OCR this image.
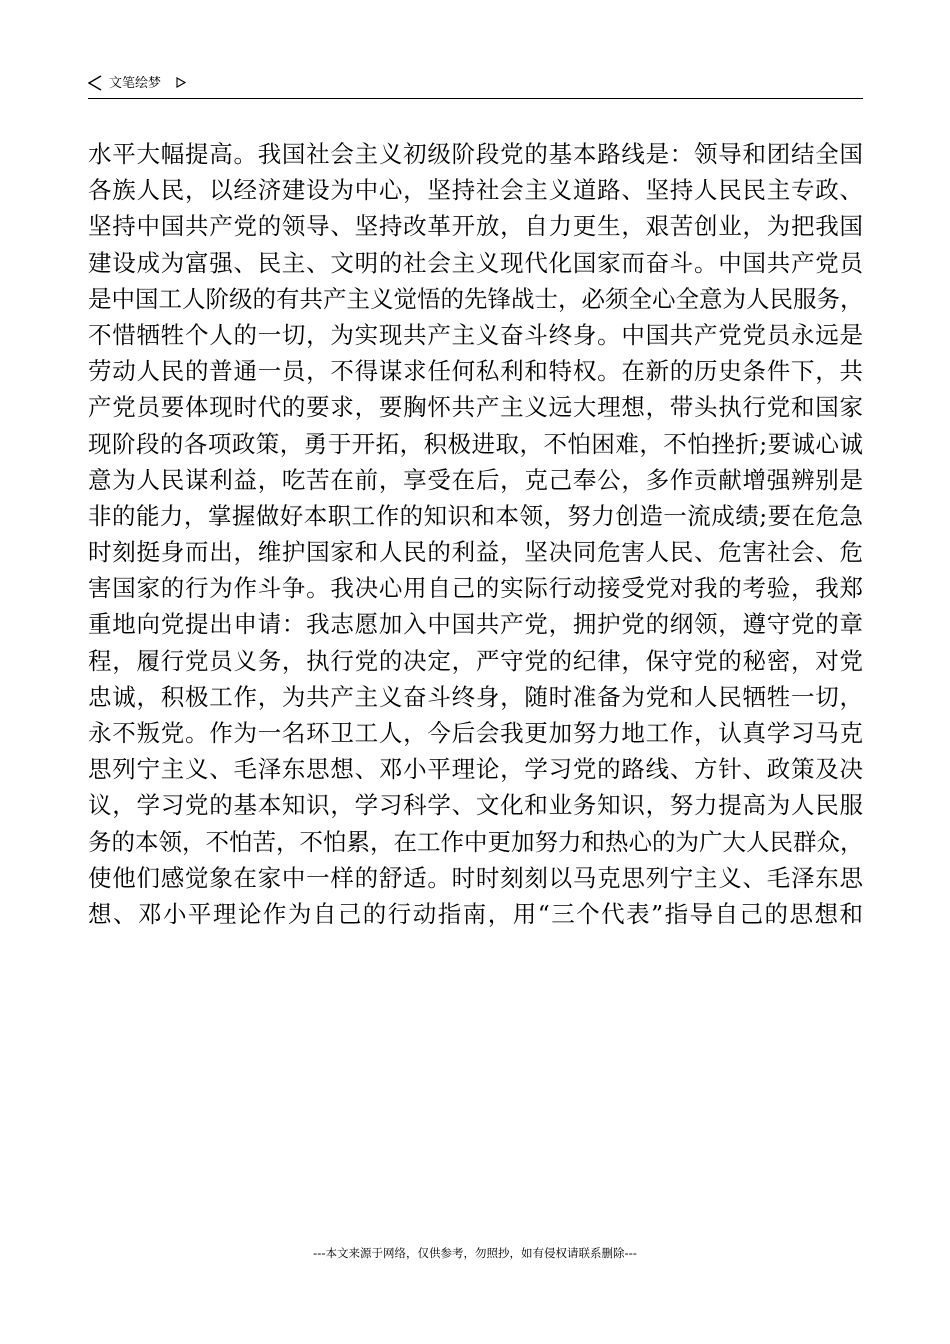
文笔绘梦
水平大幅提高。我国社会主义初级阶段党的基本路线是：领导和团结全国
各族人民，以经济建设为中心，坚持社会主义道路、坚持人民民主专政、
坚持中国共产党的领导、坚持改革开放，自力更生，艰苦创业，为把我国
建设成为富强、民主、文明的社会主义现代化国家而奋斗。中国共产党员
是中国工人阶级的有共产主义觉悟的先锋战士，必须全心全意为人民服务，
不惜牺牲个人的一切，为实现共产主义奋斗终身。中国共产党党员永远是
劳动人民的普通一员，不得谋求任何私利和特权。在新的历史条件下，共
产党员要体现时代的要求，要胸怀共产主义远大理想，带头执行党和国家
现阶段的各项政策，勇于开拓，积极进取，不怕困难，不怕挫折;要诚心诚
意为人民谋利益，吃苦在前，享受在后，克己奉公，多作贡献增强辨别是
非的能力，掌握做好本职工作的知识和本领，努力创造一流成绩;要在危急
时刻挺身而出，维护国家和人民的利益，坚决同危害人民、危害社会、危
害国家的行为作斗争。我决心用自己的实际行动接受党对我的考验，我郑
重地向党提出申请：我志愿加入中国共产党，拥护党的纲领，遵守党的章
程，履行党员义务，执行党的决定，严守党的纪律，保守党的秘密，对党
忠诚，积极工作，为共产主义奋斗终身，随时准备为党和人民牺牲一切，
永不叛党。作为一名环卫工人，今后会我更加努力地工作，认真学习马克
思列宁主义、毛泽东思想、邓小平理论，学习党的路线、方针、政策及决
议，学习党的基本知识，学习科学、文化和业务知识，努力提高为人民服
务的本领，不怕苦，不怕累，在工作中更加努力和热心的为广大人民群众，
使他们感觉象在家中一样的舒适。时时刻刻以马克思列宁主义、毛泽东思
想、邓小平理论作为自己的行动指南，用“三个代表”指导自己的思想和
---本文来源于网络，仅供参考，勿照抄，如有侵权请联系删除---
